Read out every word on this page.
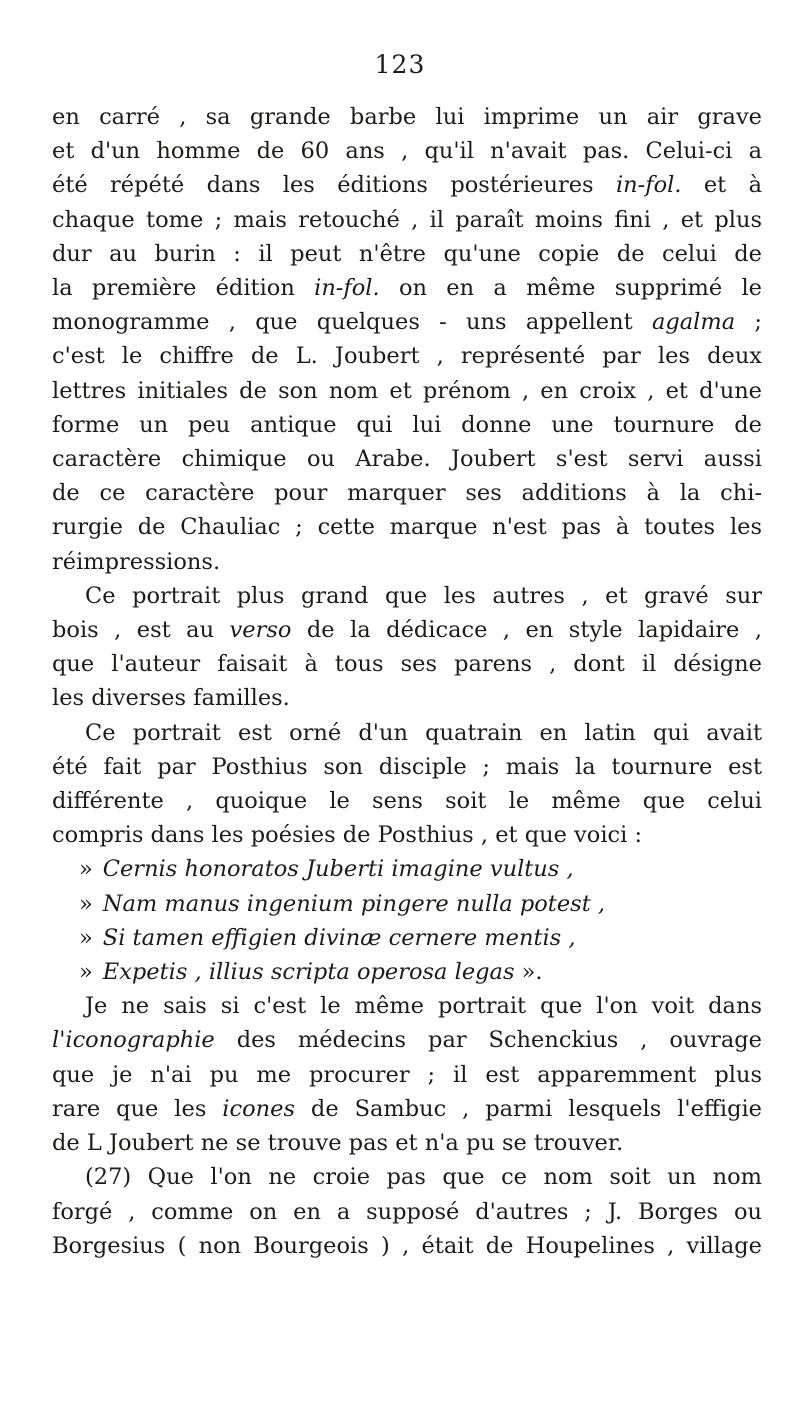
123
en carré , sa grande barbe lui imprime un air grave
et d'un homme de 60 ans , qu'il n'avait pas. Celui-ci a
été répété dans les éditions postérieures in-fol. et à
chaque tome ; mais retouché , il paraît moins fini , et plus
dur au burin : il peut n'être qu'une copie de celui de
la première édition in-fol. on en a même supprimé le
monogramme , que quelques - uns appellent agalma ;
c'est le chiffre de L. Joubert , représenté par les deux
lettres initiales de son nom et prénom , en croix , et d'une
forme un peu antique qui lui donne une tournure de
caractère chimique ou Arabe. Joubert s'est servi aussi
de ce caractère pour marquer ses additions à la chi-
rurgie de Chauliac ; cette marque n'est pas à toutes les
réimpressions.
Ce portrait plus grand que les autres , et gravé sur
bois , est au verso de la dédicace , en style lapidaire ,
que l'auteur faisait à tous ses parens , dont il désigne
les diverses familles.
Ce portrait est orné d'un quatrain en latin qui avait
été fait par Posthius son disciple ; mais la tournure est
différente , quoique le sens soit le même que celui
compris dans les poésies de Posthius , et que voici :
» Cernis honoratos Juberti imagine vultus ,
» Nam manus ingenium pingere nulla potest ,
» Si tamen effigien divinæ cernere mentis ,
» Expetis , illius scripta operosa legas ».
Je ne sais si c'est le même portrait que l'on voit dans
l'iconographie des médecins par Schenckius , ouvrage
que je n'ai pu me procurer ; il est apparemment plus
rare que les icones de Sambuc , parmi lesquels l'effigie
de L Joubert ne se trouve pas et n'a pu se trouver.
(27) Que l'on ne croie pas que ce nom soit un nom
forgé , comme on en a supposé d'autres ; J. Borges ou
Borgesius ( non Bourgeois ) , était de Houpelines , village
